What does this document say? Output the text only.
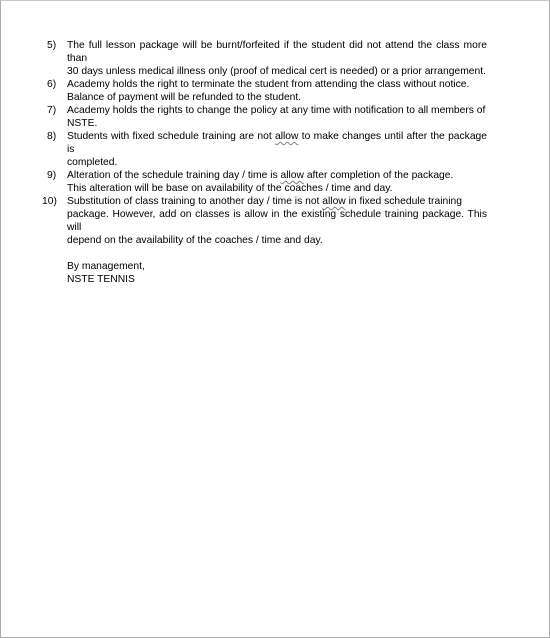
5)	The full lesson package will be burnt/forfeited if the student did not attend the class more than
30 days unless medical illness only (proof of medical cert is needed) or a prior arrangement.
6)	Academy holds the right to terminate the student from attending the class without notice.
Balance of payment will be refunded to the student.
7)	Academy holds the rights to change the policy at any time with notification to all members of
NSTE.
8)	Students with fixed schedule training are not allow to make changes until after the package is
completed.
9)	Alteration of the schedule training day / time is allow after completion of the package.
This alteration will be base on availability of the coaches / time and day.
10) Substitution of class training to another day / time is not allow in fixed schedule training
package. However, add on classes is allow in the existing schedule training package. This will
depend on the availability of the coaches / time and day.
By management,
NSTE TENNIS
